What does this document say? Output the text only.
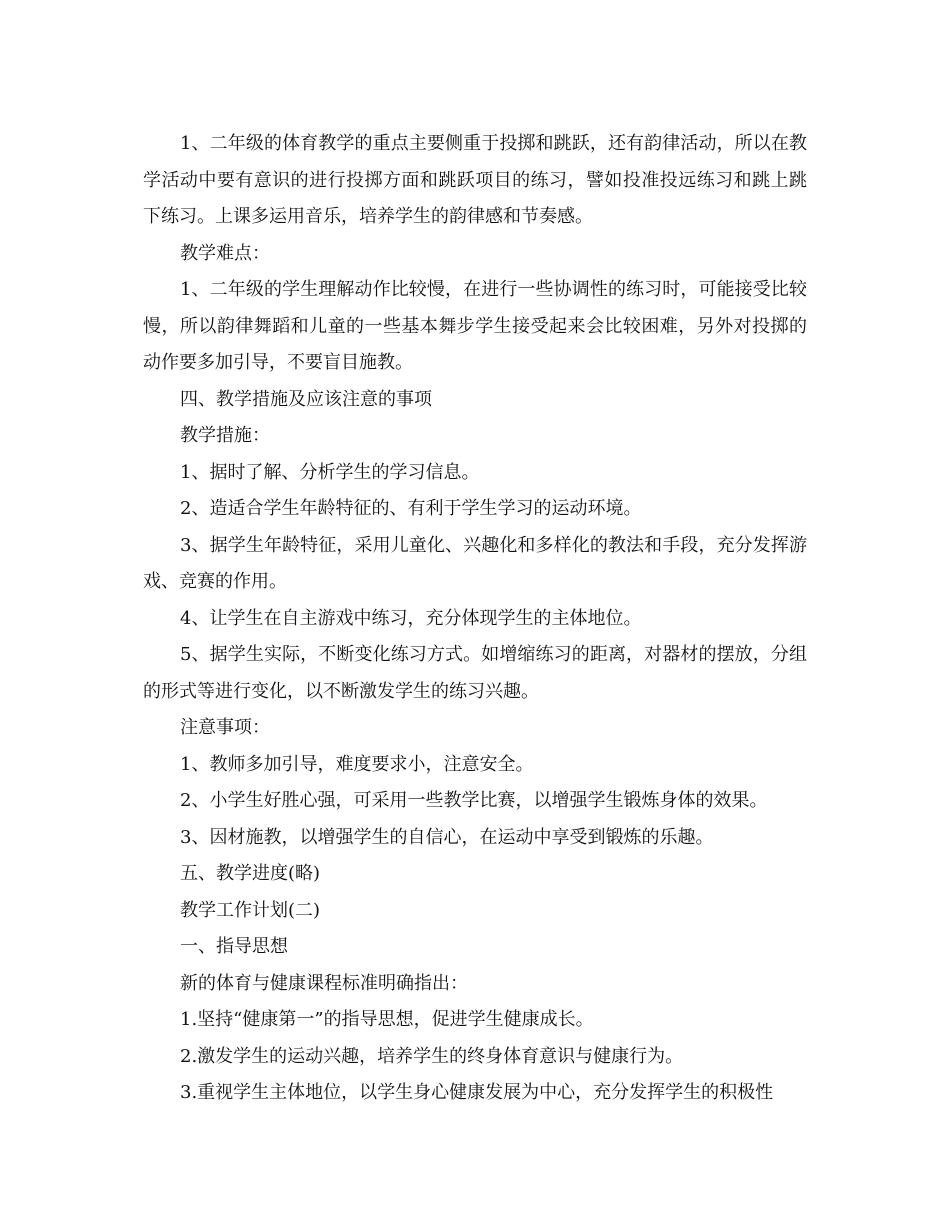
1、二年级的体育教学的重点主要侧重于投掷和跳跃，还有韵律活动，所以在教学活动中要有意识的进行投掷方面和跳跃项目的练习，譬如投准投远练习和跳上跳下练习。上课多运用音乐，培养学生的韵律感和节奏感。

教学难点：

1、二年级的学生理解动作比较慢，在进行一些协调性的练习时，可能接受比较慢，所以韵律舞蹈和儿童的一些基本舞步学生接受起来会比较困难，另外对投掷的动作要多加引导，不要盲目施教。

四、教学措施及应该注意的事项

教学措施：

1、据时了解、分析学生的学习信息。

2、造适合学生年龄特征的、有利于学生学习的运动环境。

3、据学生年龄特征，采用儿童化、兴趣化和多样化的教法和手段，充分发挥游戏、竞赛的作用。

4、让学生在自主游戏中练习，充分体现学生的主体地位。

5、据学生实际，不断变化练习方式。如增缩练习的距离，对器材的摆放，分组的形式等进行变化，以不断激发学生的练习兴趣。

注意事项：

1、教师多加引导，难度要求小，注意安全。

2、小学生好胜心强，可采用一些教学比赛，以增强学生锻炼身体的效果。

3、因材施教，以增强学生的自信心，在运动中享受到锻炼的乐趣。

五、教学进度(略)

教学工作计划(二)

一、指导思想

新的体育与健康课程标准明确指出：

1.坚持“健康第一”的指导思想，促进学生健康成长。

2.激发学生的运动兴趣，培养学生的终身体育意识与健康行为。

3.重视学生主体地位，以学生身心健康发展为中心，充分发挥学生的积极性
